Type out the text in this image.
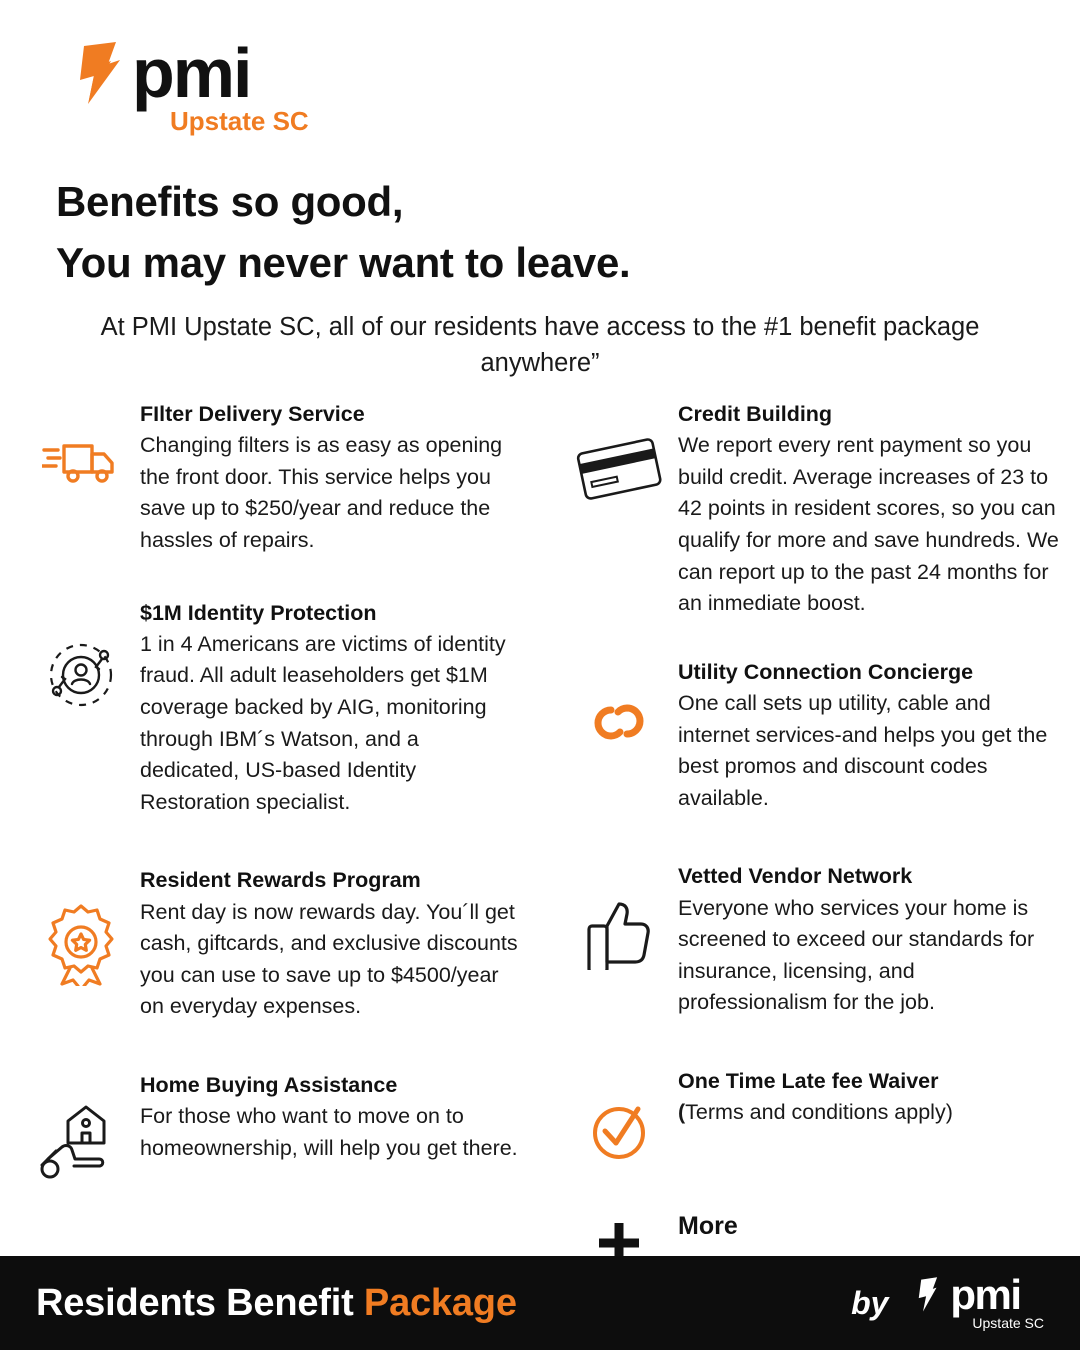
pmi
Upstate SC
Benefits so good,
You may never want to leave.
At PMI Upstate SC, all of our residents have access to the #1 benefit package anywhere”
FIlter Delivery Service
Changing filters is as easy as opening the front door. This service helps you save up to $250/year and reduce the hassles of repairs.
$1M Identity Protection
1 in 4 Americans are victims of identity fraud. All adult leaseholders get $1M coverage backed by AIG, monitoring through IBM´s Watson, and a dedicated, US-based Identity Restoration specialist.
Resident Rewards Program
Rent day is now rewards day. You´ll get cash, giftcards, and exclusive discounts you can use to save up to $4500/year on everyday expenses.
Home Buying Assistance
For those who want to move on to homeownership, will help you get there.
Credit Building
We report every rent payment so you build credit. Average increases of 23 to 42 points in resident scores, so you can qualify for more and save hundreds. We can report up to the past 24 months for an inmediate boost.
Utility Connection Concierge
One call sets up utility, cable and internet services-and helps you get the best promos and discount codes available.
Vetted Vendor Network
Everyone who services your home is screened to exceed our standards for insurance, licensing, and professionalism for the job.
One Time Late fee Waiver
(Terms and conditions apply)
More
Residents Benefit Package	by pmi
Upstate SC
